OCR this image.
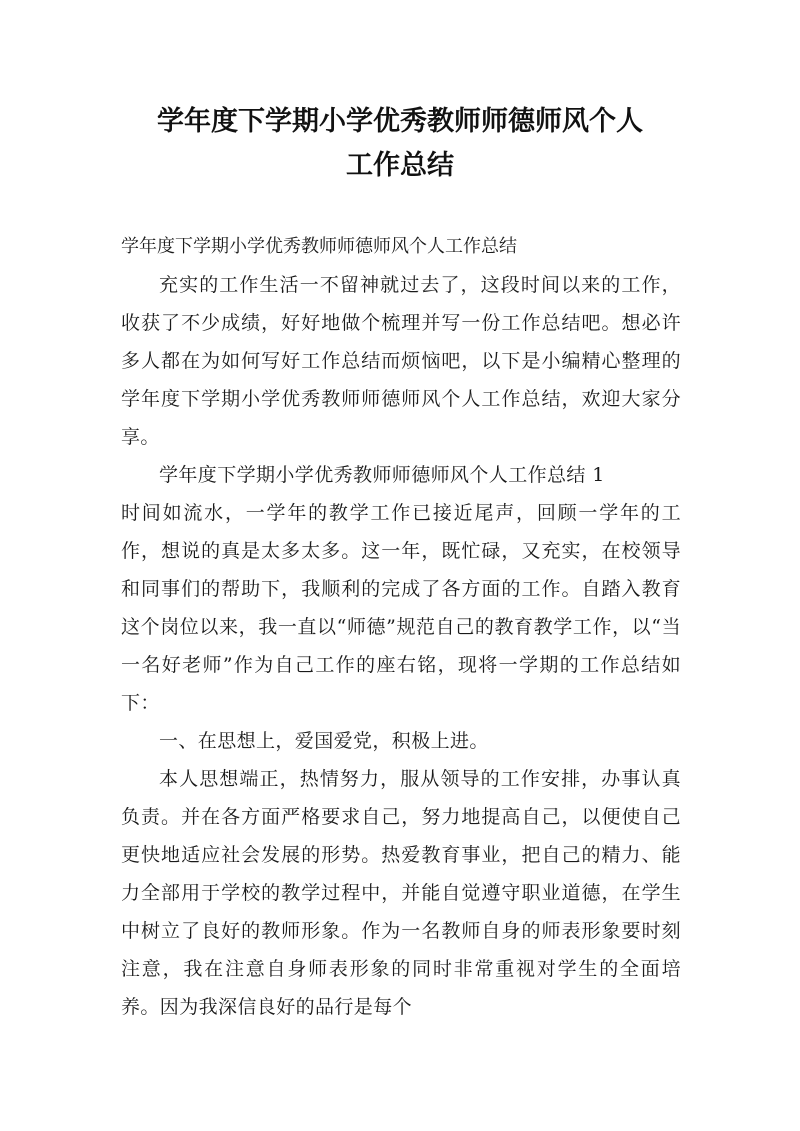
学年度下学期小学优秀教师师德师风个人
工作总结

学年度下学期小学优秀教师师德师风个人工作总结

充实的工作生活一不留神就过去了，这段时间以来的工作，收获了不少成绩，好好地做个梳理并写一份工作总结吧。想必许多人都在为如何写好工作总结而烦恼吧，以下是小编精心整理的学年度下学期小学优秀教师师德师风个人工作总结，欢迎大家分享。

学年度下学期小学优秀教师师德师风个人工作总结 1

时间如流水，一学年的教学工作已接近尾声，回顾一学年的工作，想说的真是太多太多。这一年，既忙碌，又充实，在校领导和同事们的帮助下，我顺利的完成了各方面的工作。自踏入教育这个岗位以来，我一直以“师德”规范自己的教育教学工作，以“当一名好老师”作为自己工作的座右铭，现将一学期的工作总结如下：

一、在思想上，爱国爱党，积极上进。

本人思想端正，热情努力，服从领导的工作安排，办事认真负责。并在各方面严格要求自己，努力地提高自己，以便使自己更快地适应社会发展的形势。热爱教育事业，把自己的精力、能力全部用于学校的教学过程中，并能自觉遵守职业道德，在学生中树立了良好的教师形象。作为一名教师自身的师表形象要时刻注意，我在注意自身师表形象的同时非常重视对学生的全面培养。因为我深信良好的品行是每个
